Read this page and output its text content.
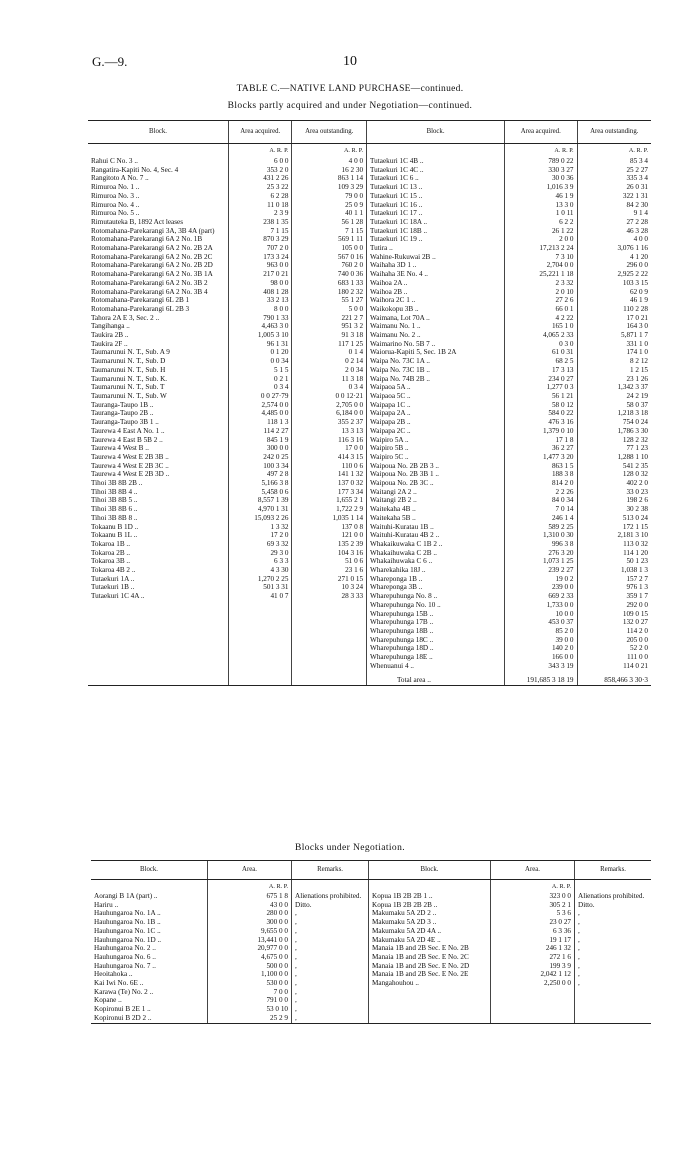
G.—9.	10
TABLE C.—NATIVE LAND PURCHASE—continued.
Blocks partly acquired and under Negotiation—continued.
Block.	Area acquired.	Area outstanding.	Block.	Area acquired.	Area outstanding.
	A. R. P.	A. R. P.		A. R. P.	A. R. P.
Rahui C No. 3 ..	6 0 0	4 0 0	Tutaekuri 1C 4B ..	789 0 22	85 3 4
Rangatira-Kapiti No. 4, Sec. 4	353 2 0	16 2 30	Tutaekuri 1C 4C ..	330 3 27	25 2 27
Rangitoto A No. 7 ..	431 2 26	863 1 14	Tutaekuri 1C 6 ..	30 0 36	335 3 4
Rimuroa No. 1 ..	25 3 22	109 3 29	Tutaekuri 1C 13 ..	1,016 3 9	26 0 31
Rimuroa No. 3 ..	6 2 28	79 0 0	Tutaekuri 1C 15 ..	46 1 9	322 1 31
Rimuroa No. 4 ..	11 0 18	25 0 9	Tutaekuri 1C 16 ..	13 3 0	84 2 30
Rimuroa No. 5 ..	2 3 9	40 1 1	Tutaekuri 1C 17 ..	1 0 11	9 1 4
Rimutauteka B, 1892 Act leases	238 1 35	56 1 28	Tutaekuri 1C 18A ..	6 2 2	27 2 28
Rotomahana-Parekarangi 3A, 3B 4A (part)	7 1 15	7 1 15	Tutaekuri 1C 18B ..	26 1 22	46 3 28
Rotomahana-Parekarangi 6A 2 No. 1B	870 3 29	569 1 11	Tutaekuri 1C 19 ..	2 0 0	4 0 0
Rotomahana-Parekarangi 6A 2 No. 2B 2A	707 2 0	105 0 0	Tutira ..	17,213 2 24	3,076 1 16
Rotomahana-Parekarangi 6A 2 No. 2B 2C	173 3 24	567 0 16	Wahine-Rukuwai 2B ..	7 3 10	4 1 20
Rotomahana-Parekarangi 6A 2 No. 2B 2D	963 0 0	760 2 0	Waihaha 3D 1 ..	2,704 0 0	296 0 0
Rotomahana-Parekarangi 6A 2 No. 3B 1A	217 0 21	740 0 36	Waihaha 3E No. 4 ..	25,221 1 18	2,925 2 22
Rotomahana-Parekarangi 6A 2 No. 3B 2	98 0 0	683 1 33	Waihoa 2A ..	2 3 32	103 3 15
Rotomahana-Parekarangi 6A 2 No. 3B 4	408 1 28	180 2 32	Waihoa 2B ..	2 0 10	62 0 9
Rotomahana-Parekarangi 6L 2B 1	33 2 13	55 1 27	Waihora 2C 1 ..	27 2 6	46 1 9
Rotomahana-Parekarangi 6L 2B 3	8 0 0	5 0 0	Waikokopu 3B ..	66 0 1	110 2 28
Tahora 2A E 3, Sec. 2 ..	790 1 33	221 2 7	Waimana, Lot 70A ..	4 2 22	17 0 21
Tangihanga ..	4,463 3 0	951 3 2	Waimanu No. 1 ..	165 1 0	164 3 0
Taukira 2B ..	1,005 3 10	91 3 18	Waimanu No. 2 ..	4,065 2 33	5,871 1 7
Taukira 2F ..	96 1 31	117 1 25	Waimarino No. 5B 7 ..	0 3 0	331 1 0
Taumarunui N. T., Sub. A 9	0 1 20	0 1 4	Waiorua-Kapiti 5, Sec. 1B 2A	61 0 31	174 1 0
Taumarunui N. T., Sub. D	0 0 34	0 2 14	Waipa No. 73C 1A ..	68 2 5	8 2 12
Taumarunui N. T., Sub. H	5 1 5	2 0 34	Waipa No. 73C 1B ..	17 3 13	1 2 15
Taumarunui N. T., Sub. K.	0 2 1	11 3 18	Waipa No. 74B 2B ..	234 0 27	23 1 26
Taumarunui N. T., Sub. T	0 3 4	0 3 4	Waipaoa 5A ..	1,277 0 3	1,342 3 37
Taumarunui N. T., Sub. W	0 0 27·79	0 0 12·21	Waipaoa 5C ..	56 1 21	24 2 19
Tauranga-Taupo 1B ..	2,574 0 0	2,705 0 0	Waipapa 1C ..	58 0 12	58 0 37
Tauranga-Taupo 2B ..	4,485 0 0	6,184 0 0	Waipapa 2A ..	584 0 22	1,218 3 18
Tauranga-Taupo 3B 1 ..	118 1 3	355 2 37	Waipapa 2B ..	476 3 16	754 0 24
Taurewa 4 East A No. 1 ..	114 2 27	13 3 13	Waipapa 2C ..	1,379 0 10	1,786 3 30
Taurewa 4 East B 5B 2 ..	845 1 9	116 3 16	Waipiro 5A ..	17 1 8	128 2 32
Taurewa 4 West B ..	300 0 0	17 0 0	Waipiro 5B ..	36 2 27	77 1 23
Taurewa 4 West E 2B 3B ..	242 0 25	414 3 15	Waipiro 5C ..	1,477 3 20	1,288 1 10
Taurewa 4 West E 2B 3C ..	100 3 34	110 0 6	Waipoua No. 2B 2B 3 ..	863 1 5	541 2 35
Taurewa 4 West E 2B 3D ..	497 2 8	141 1 32	Waipoua No. 2B 3B 1 ..	188 3 8	128 0 32
Tihoi 3B 8B 2B ..	5,166 3 8	137 0 32	Waipoua No. 2B 3C ..	814 2 0	402 2 0
Tihoi 3B 8B 4 ..	5,458 0 6	177 3 34	Waitangi 2A 2 ..	2 2 26	33 0 23
Tihoi 3B 8B 5 ..	8,557 1 39	1,655 2 1	Waitangi 2B 2 ..	84 0 34	198 2 6
Tihoi 3B 8B 6 ..	4,970 1 31	1,722 2 9	Waitekaha 4B ..	7 0 14	30 2 38
Tihoi 3B 8B 8 ..	15,093 2 26	1,035 1 14	Waitekaha 5B ..	246 1 4	513 0 24
Tokaanu B 1D ..	1 3 32	137 0 8	Waituhi-Kuratau 1B ..	589 2 25	172 1 15
Tokaanu B 1L ..	17 2 0	121 0 0	Waituhi-Kuratau 4B 2 ..	1,310 0 30	2,181 3 10
Tokaroa 1B ..	69 3 32	135 2 39	Whakaikuwaka C 1B 2 ..	996 3 8	113 0 32
Tokaroa 2B ..	29 3 0	104 3 16	Whakaihuwaka C 2B ..	276 3 20	114 1 20
Tokaroa 3B ..	6 3 3	51 0 6	Whakaihuwaka C 6 ..	1,073 1 25	50 1 23
Tokaroa 4B 2 ..	4 3 30	23 1 6	Wharekahika 18J ..	239 2 27	1,038 1 3
Tutaekuri 1A ..	1,270 2 25	271 0 15	Wharepongа 1B ..	19 0 2	157 2 7
Tutaekuri 1B ..	501 3 31	10 3 24	Wharepongа 3B ..	239 0 0	976 1 3
Tutaekuri 1C 4A ..	41 0 7	28 3 33	Wharepuhunga No. 8 ..	669 2 33	359 1 7
			Wharepuhunga No. 10 ..	1,733 0 0	292 0 0
			Wharepuhunga 15B ..	10 0 0	109 0 15
			Wharepuhunga 17B ..	453 0 37	132 0 27
			Wharepuhunga 18B ..	85 2 0	114 2 0
			Wharepuhunga 18C ..	39 0 0	205 0 0
			Wharepuhunga 18D ..	140 2 0	52 2 0
			Wharepuhunga 18E ..	166 0 0	111 0 0
			Whenuanui 4 ..	343 3 19	114 0 21
			Total area ..	191,685 3 18 19	858,466 3 30·3
Blocks under Negotiation.
Block.	Area.	Remarks.	Block.	Area.	Remarks.
	A. R. P.			A. R. P.	
Aorangi B 1A (part) ..	675 1 8	Alienations prohibited.	Kopua 1B 2B 2B 1 ..	323 0 0	Alienations prohibited.
Hariru ..	43 0 0	Ditto.	Kopua 1B 2B 2B 2B ..	305 2 1	Ditto.
Hauhungaroa No. 1A ..	280 0 0	,	Makumaku 5A 2D 2 ..	5 3 6	,
Hauhungaroa No. 1B ..	300 0 0	,	Makumaku 5A 2D 3 ..	23 0 27	,
Hauhungaroa No. 1C ..	9,655 0 0	,	Makumaku 5A 2D 4A ..	6 3 36	,
Hauhungaroa No. 1D ..	13,441 0 0	,	Makumaku 5A 2D 4E ..	19 1 17	,
Hauhungaroa No. 2 ..	20,977 0 0	,	Manaia 1B and 2B Sec. E No. 2B	246 1 32	,
Hauhungaroa No. 6 ..	4,675 0 0	,	Manaia 1B and 2B Sec. E No. 2C	272 1 6	,
Hauhungaroa No. 7 ..	500 0 0	,	Manaia 1B and 2B Sec. E No. 2D	199 3 9	,
Heoitahoka ..	1,100 0 0	,	Manaia 1B and 2B Sec. E No. 2E	2,042 1 12	,
Kai Iwi No. 6E ..	530 0 0	,	Mangahouhou ..	2,250 0 0	,
Karawa (Te) No. 2 ..	7 0 0	,			
Kopane ..	791 0 0	,			
Kopironui B 2E 1 ..	53 0 10	,			
Kopironui B 2D 2 ..	25 2 9	,			
